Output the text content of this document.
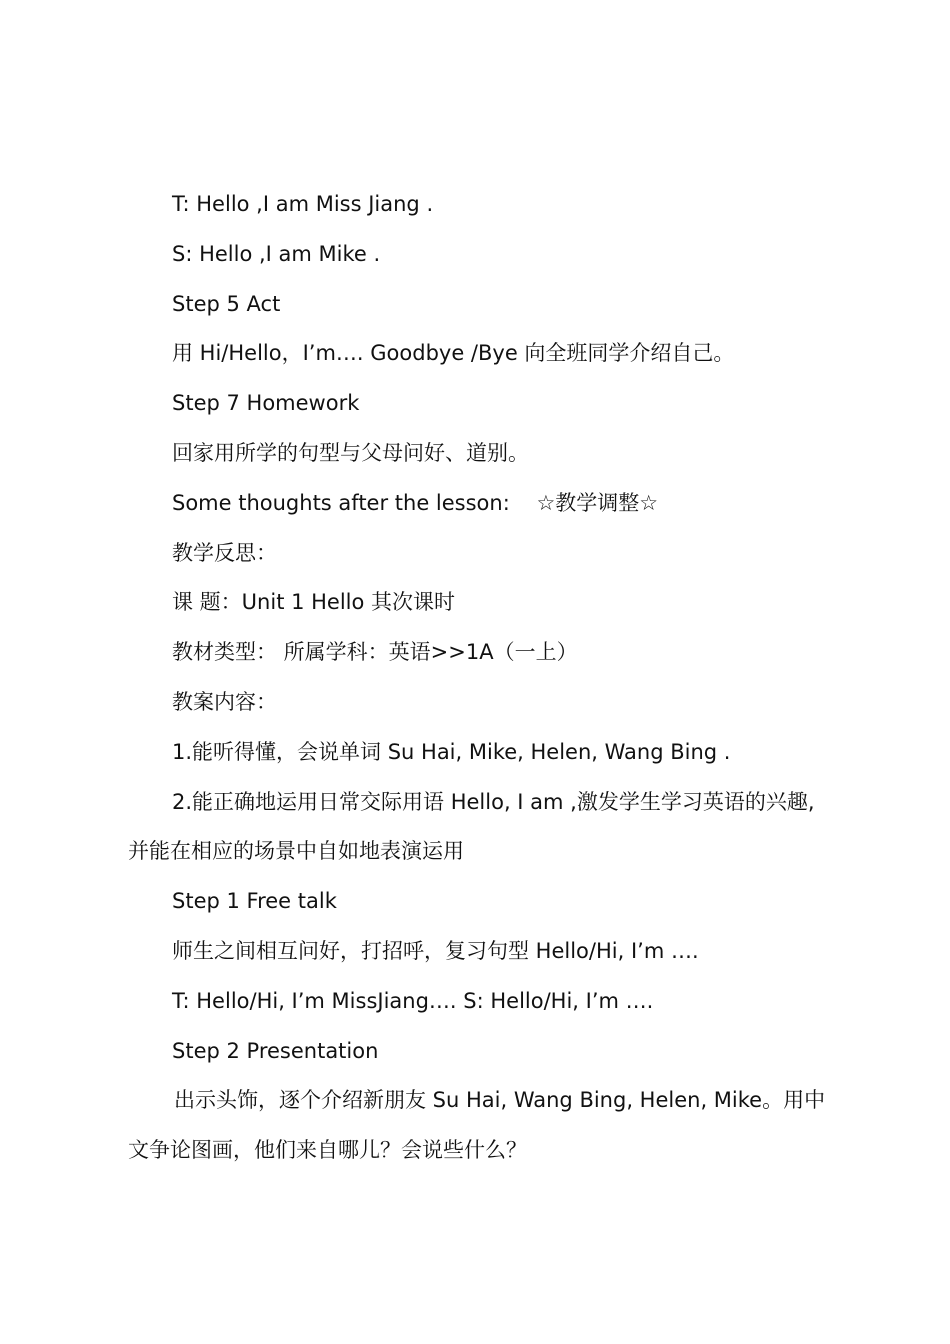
T: Hello ,I am Miss Jiang .

S: Hello ,I am Mike .

Step 5 Act

用 Hi/Hello，I’m…. Goodbye /Bye 向全班同学介绍自己。

Step 7 Homework

回家用所学的句型与父母问好、道别。

Some thoughts after the lesson:    ☆教学调整☆

教学反思：

课 题：Unit 1 Hello 其次课时

教材类型： 所属学科：英语>>1A（一上）

教案内容：

1.能听得懂，会说单词 Su Hai, Mike, Helen, Wang Bing .

2.能正确地运用日常交际用语 Hello, I am ,激发学生学习英语的兴趣,并能在相应的场景中自如地表演运用

Step 1 Free talk

师生之间相互问好，打招呼，复习句型 Hello/Hi, I’m ….

T: Hello/Hi, I’m MissJiang…. S: Hello/Hi, I’m ….

Step 2 Presentation

出示头饰，逐个介绍新朋友 Su Hai, Wang Bing, Helen, Mike。用中文争论图画，他们来自哪儿？会说些什么？
